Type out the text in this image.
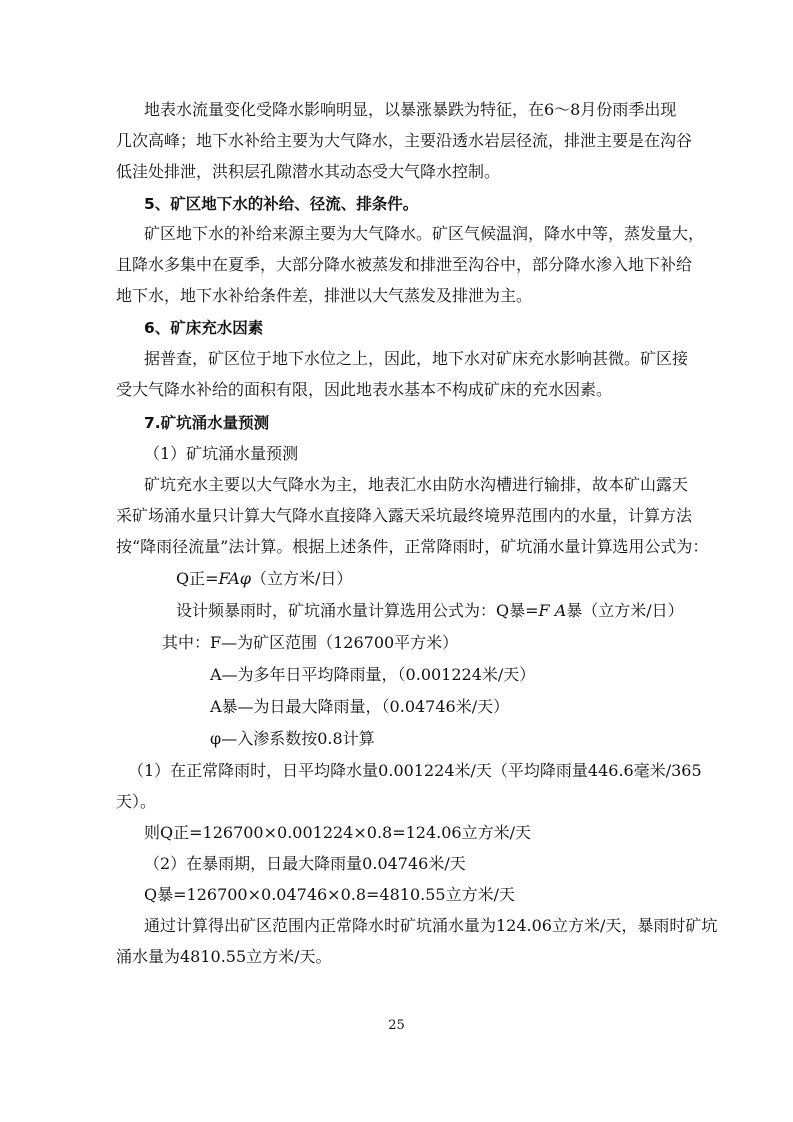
地表水流量变化受降水影响明显，以暴涨暴跌为特征，在6～8月份雨季出现
几次高峰；地下水补给主要为大气降水，主要沿透水岩层径流，排泄主要是在沟谷
低洼处排泄，洪积层孔隙潜水其动态受大气降水控制。
5、矿区地下水的补给、径流、排条件。
矿区地下水的补给来源主要为大气降水。矿区气候温润，降水中等，蒸发量大，
且降水多集中在夏季，大部分降水被蒸发和排泄至沟谷中，部分降水渗入地下补给
地下水，地下水补给条件差，排泄以大气蒸发及排泄为主。
6、矿床充水因素
据普查，矿区位于地下水位之上，因此，地下水对矿床充水影响甚微。矿区接
受大气降水补给的面积有限，因此地表水基本不构成矿床的充水因素。
7.矿坑涌水量预测
（1）矿坑涌水量预测
矿坑充水主要以大气降水为主，地表汇水由防水沟槽进行输排，故本矿山露天
采矿场涌水量只计算大气降水直接降入露天采坑最终境界范围内的水量，计算方法
按“降雨径流量”法计算。根据上述条件，正常降雨时，矿坑涌水量计算选用公式为：
Q正=FAφ（立方米/日）
设计频暴雨时，矿坑涌水量计算选用公式为：Q暴=F A暴（立方米/日）
其中：F—为矿区范围（126700平方米）
A—为多年日平均降雨量，（0.001224米/天）
A暴—为日最大降雨量，（0.04746米/天）
φ—入渗系数按0.8计算
（1）在正常降雨时，日平均降水量0.001224米/天（平均降雨量446.6毫米/365
天）。
则Q正=126700×0.001224×0.8=124.06立方米/天
（2）在暴雨期，日最大降雨量0.04746米/天
Q暴=126700×0.04746×0.8=4810.55立方米/天
通过计算得出矿区范围内正常降水时矿坑涌水量为124.06立方米/天，暴雨时矿坑
涌水量为4810.55立方米/天。
25
